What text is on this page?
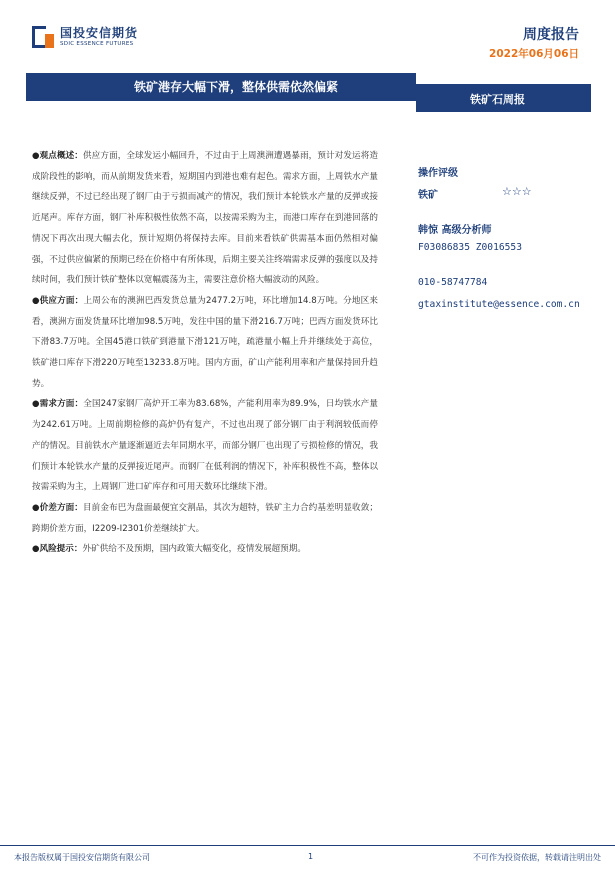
国投安信期货
SDIC ESSENCE FUTURES
周度报告
2022年06月06日
铁矿港存大幅下滑，整体供需依然偏紧
铁矿石周报

●观点概述：供应方面，全球发运小幅回升，不过由于上周澳洲遭遇暴雨，预计对发运将造成阶段性的影响，而从前期发货来看，短期国内到港也难有起色。需求方面，上周铁水产量继续反弹，不过已经出现了钢厂由于亏损而减产的情况，我们预计本轮铁水产量的反弹或接近尾声。库存方面，钢厂补库积极性依然不高，以按需采购为主，而港口库存在到港回落的情况下再次出现大幅去化，预计短期仍将保持去库。目前来看铁矿供需基本面仍然相对偏强，不过供应偏紧的预期已经在价格中有所体现，后期主要关注终端需求反弹的强度以及持续时间，我们预计铁矿整体以宽幅震荡为主，需要注意价格大幅波动的风险。

●供应方面：上周公布的澳洲巴西发货总量为2477.2万吨，环比增加14.8万吨。分地区来看，澳洲方面发货量环比增加98.5万吨，发往中国的量下滑216.7万吨；巴西方面发货环比下滑83.7万吨。全国45港口铁矿到港量下滑121万吨，疏港量小幅上升并继续处于高位，铁矿港口库存下滑220万吨至13233.8万吨。国内方面，矿山产能利用率和产量保持回升趋势。

●需求方面：全国247家钢厂高炉开工率为83.68%，产能利用率为89.9%，日均铁水产量为242.61万吨。上周前期检修的高炉仍有复产，不过也出现了部分钢厂由于利润较低而停产的情况。目前铁水产量逐渐逼近去年同期水平，而部分钢厂也出现了亏损检修的情况，我们预计本轮铁水产量的反弹接近尾声。而钢厂在低利润的情况下，补库积极性不高，整体以按需采购为主，上周钢厂进口矿库存和可用天数环比继续下滑。

●价差方面：目前金布巴为盘面最便宜交割品，其次为超特，铁矿主力合约基差明显收敛；跨期价差方面，I2209-I2301价差继续扩大。

●风险提示：外矿供给不及预期，国内政策大幅变化，疫情发展超预期。

操作评级
铁矿	☆☆☆
韩惊 高级分析师
F03086835 Z0016553
010-58747784
gtaxinstitute@essence.com.cn
本报告版权属于国投安信期货有限公司	1	不可作为投资依据，转载请注明出处
